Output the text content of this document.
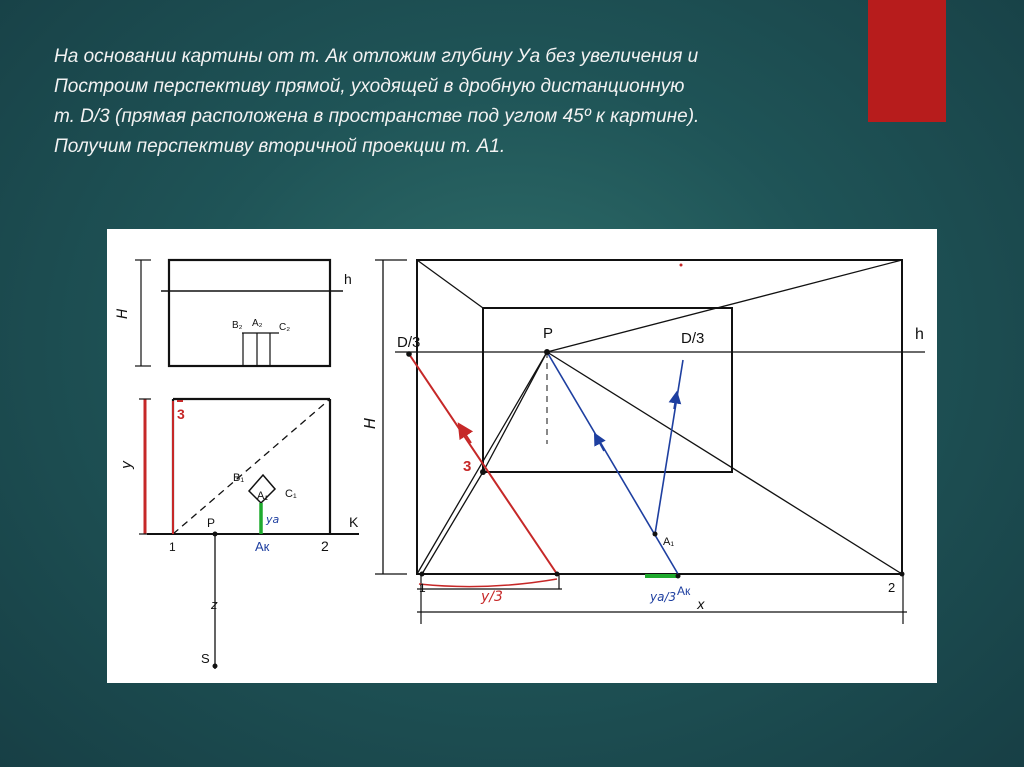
На основании картины от т. Ак отложим глубину Уа без увеличения и
Построим перспективу прямой, уходящей в дробную дистанционную
т. D/3 (прямая расположена в пространстве под углом 45º к картине).
Получим перспективу вторичной проекции т. А1.
h
H
B₂ A₂ C₂
3
y
B₁
A₁ C₁
ya
P	K
Aк
1	2
z
S
D/3
P	D/3	h
H
3
A₁
1	2
y/3	ya/3 Aк
x
